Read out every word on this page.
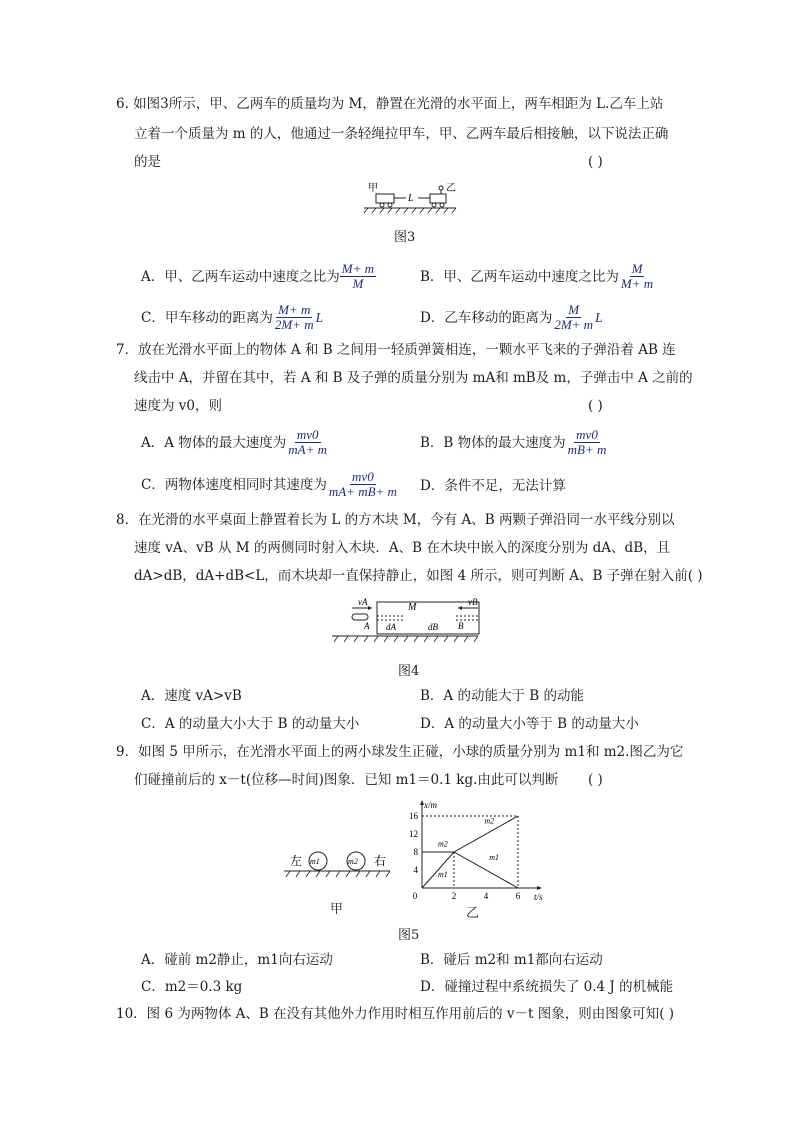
6. 如图3所示，甲、乙两车的质量均为 M，静置在光滑的水平面上，两车相距为 L.乙车上站
立着一个质量为 m 的人，他通过一条轻绳拉甲车，甲、乙两车最后相接触，以下说法正确
的是	( )
甲	乙
L
图3
A．甲、乙两车运动中速度之比为 $\frac{M+ m}{M}$	B．甲、乙两车运动中速度之比为 $\frac{M}{M+ m}$
C．甲车移动的距离为 $\frac{M+ m}{2M+ m}$ L	D．乙车移动的距离为 $\frac{M}{2M+ m}$ L
7．放在光滑水平面上的物体 A 和 B 之间用一轻质弹簧相连，一颗水平飞来的子弹沿着 AB 连
线击中 A，并留在其中，若 A 和 B 及子弹的质量分别为 mA和 mB及 m，子弹击中 A 之前的
速度为 v0，则	( )
A．A 物体的最大速度为 $\frac{mv0}{mA+ m}$	B．B 物体的最大速度为 $\frac{mv0}{mB+ m}$
C．两物体速度相同时其速度为 $\frac{mv0}{mA+ mB+ m}$ D．条件不足，无法计算
8．在光滑的水平桌面上静置着长为 L 的方木块 M，今有 A、B 两颗子弹沿同一水平线分别以
速度 vA、vB 从 M 的两侧同时射入木块．A、B 在木块中嵌入的深度分别为 dA、dB，且
dA>dB，dA+dB<L，而木块却一直保持静止，如图 4 所示，则可判断 A、B 子弹在射入前( )
M
dA	dB
vA
A
vB
B
图4
A．速度 vA>vB	B．A 的动能大于 B 的动能
C．A 的动量大小大于 B 的动量大小	D．A 的动量大小等于 B 的动量大小
9．如图 5 甲所示，在光滑水平面上的两小球发生正碰，小球的质量分别为 m1和 m2.图乙为它
们碰撞前后的 x－t(位移—时间)图象．已知 m1＝0.1 kg.由此可以判断 ( )
左 m1	m2 右
甲
x/m
t/s
4
8
12
16
0	2	4	6
m1
m2
m1
m2
乙
图5
A．碰前 m2静止，m1向右运动	B．碰后 m2和 m1都向右运动
C．m2＝0.3 kg	D．碰撞过程中系统损失了 0.4 J 的机械能
10．图 6 为两物体 A、B 在没有其他外力作用时相互作用前后的 v－t 图象，则由图象可知( )
